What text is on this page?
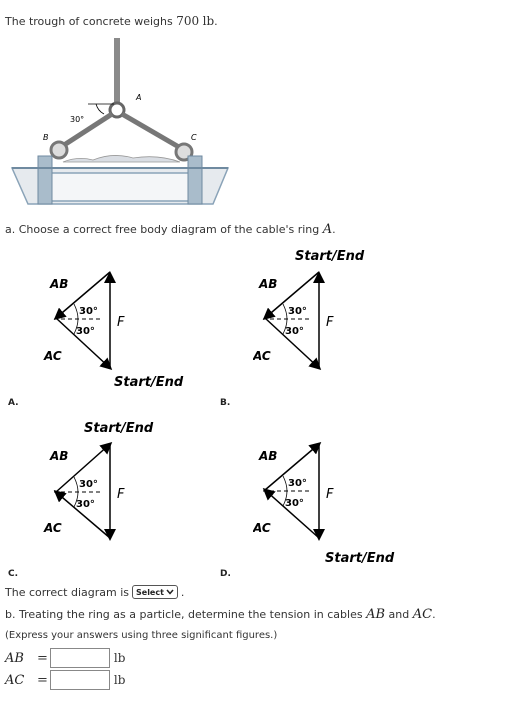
The trough of concrete weighs 700 lb.
30°
A
B	C
a. Choose a correct free body diagram of the cable's ring A.
AB
30°
30°
F
AC
Start/End
A.
Start/End
AB
30°
30°
F
AC
B.
Start/End
AB
30°
30°
F
AC
C.
AB
30°
30°
F
AC
Start/End
D.
The correct diagram is Select .
b. Treating the ring as a particle, determine the tension in cables AB and AC.
(Express your answers using three significant figures.)
AB	=	lb
AC =	lb
